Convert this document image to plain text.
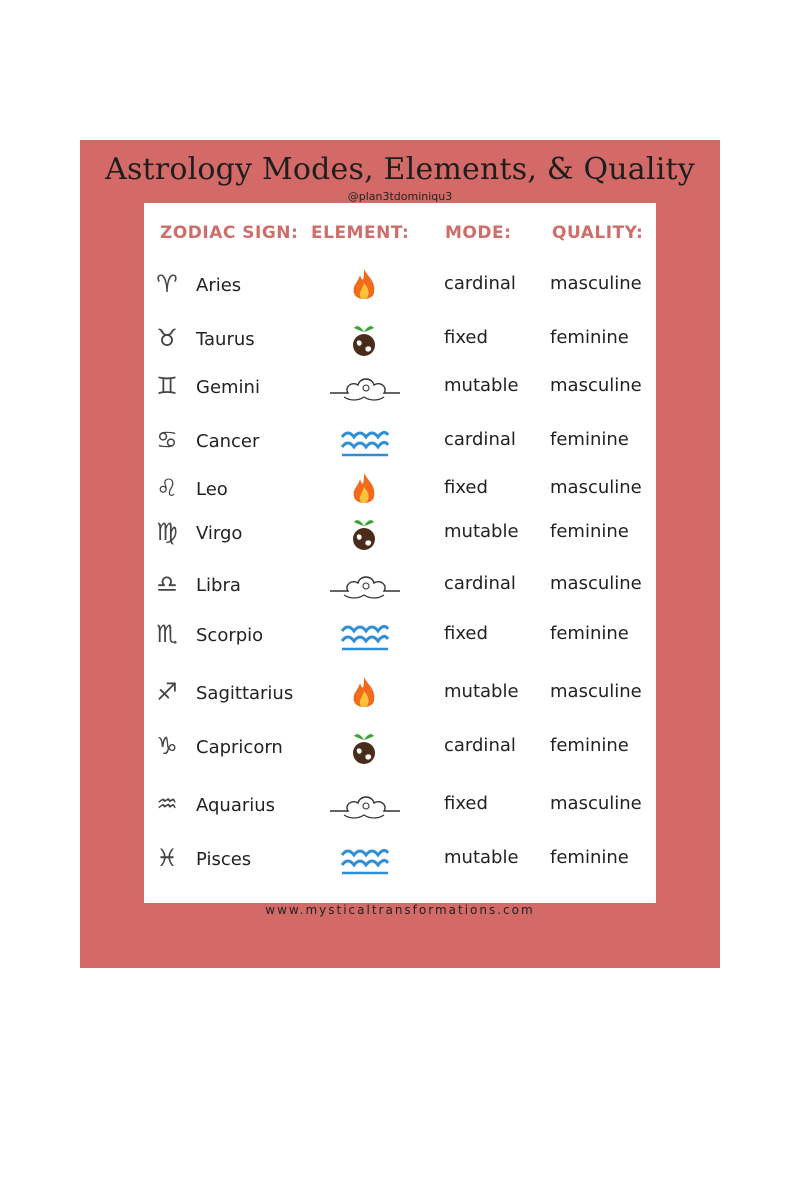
Astrology Modes, Elements, & Quality
@plan3tdominiqu3
ZODIAC SIGN: ELEMENT: MODE: QUALITY:
♈︎	Aries	cardinal masculine
♉︎	Taurus	fixed	feminine
♊︎	Gemini	mutable masculine
♋︎	Cancer	cardinal feminine
♌︎	Leo	fixed	masculine
♍︎	Virgo	mutable feminine
♎︎	Libra	cardinal masculine
♏︎	Scorpio	fixed	feminine
♐︎	Sagittarius	mutable masculine
♑︎	Capricorn	cardinal feminine
♒︎	Aquarius	fixed	masculine
♓︎	Pisces	mutable feminine
www.mysticaltransformations.com
